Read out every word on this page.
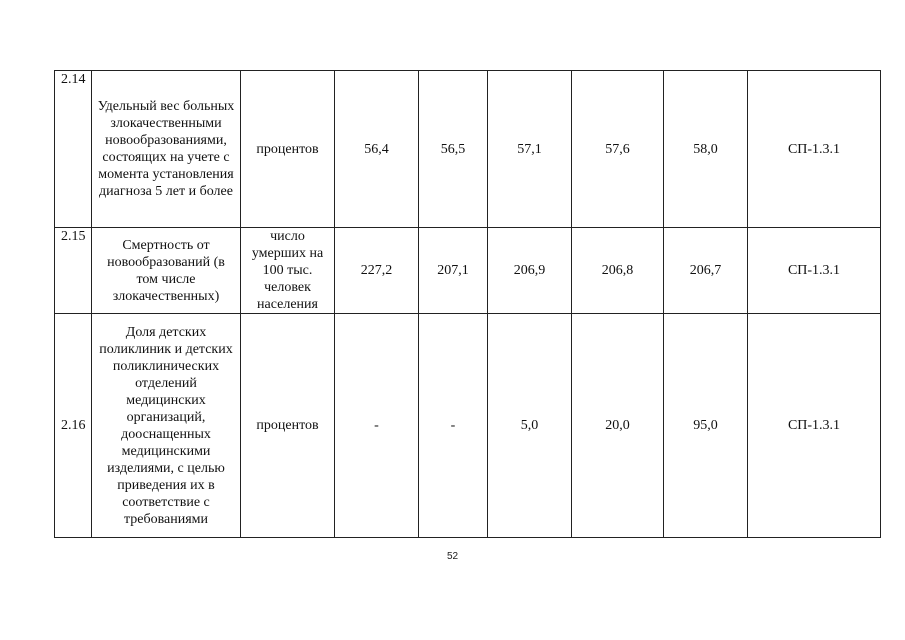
2.14	Удельный вес больных злокачественными новообразованиями, состоящих на учете с момента установления диагноза 5 лет и более	процентов	56,4	56,5	57,1	57,6	58,0	СП-1.3.1
2.15	Смертность от новообразований (в том числе злокачественных)	число умерших на 100 тыс. человек населения	227,2	207,1	206,9	206,8	206,7	СП-1.3.1
2.16	Доля детских поликлиник и детских поликлинических отделений медицинских организаций, дооснащенных медицинскими изделиями, с целью приведения их в соответствие с требованиями	процентов	-	-	5,0	20,0	95,0	СП-1.3.1
52
